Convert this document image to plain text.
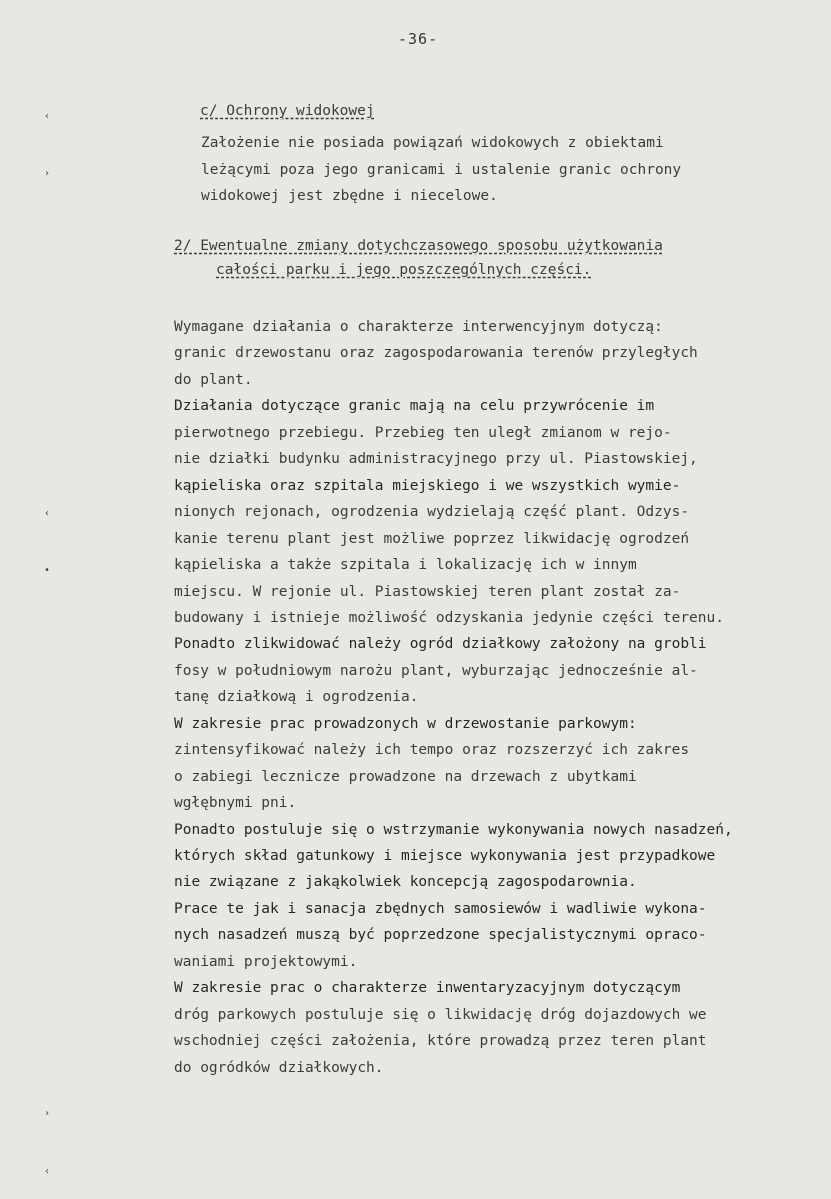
-36-
‹
›
‹
•
›
‹
c/ Ochrony widokowej
Założenie nie posiada powiązań widokowych z obiektami
leżącymi poza jego granicami i ustalenie granic ochrony
widokowej jest zbędne i niecelowe.
2/ Ewentualne zmiany dotychczasowego sposobu użytkowania
całości parku i jego poszczególnych części.
Wymagane działania o charakterze interwencyjnym dotyczą:
granic drzewostanu oraz zagospodarowania terenów przyległych
do plant.
Działania dotyczące granic mają na celu przywrócenie im
pierwotnego przebiegu. Przebieg ten uległ zmianom w rejo-
nie działki budynku administracyjnego przy ul. Piastowskiej,
kąpieliska oraz szpitala miejskiego i we wszystkich wymie-
nionych rejonach, ogrodzenia wydzielają część plant. Odzys-
kanie terenu plant jest możliwe poprzez likwidację ogrodzeń
kąpieliska a także szpitala i lokalizację ich w innym
miejscu. W rejonie ul. Piastowskiej teren plant został za-
budowany i istnieje możliwość odzyskania jedynie części terenu.
Ponadto zlikwidować należy ogród działkowy założony na grobli
fosy w południowym narożu plant, wyburzając jednocześnie al-
tanę działkową i ogrodzenia.
W zakresie prac prowadzonych w drzewostanie parkowym:
zintensyfikować należy ich tempo oraz rozszerzyć ich zakres
o zabiegi lecznicze prowadzone na drzewach z ubytkami
wgłębnymi pni.
Ponadto postuluje się o wstrzymanie wykonywania nowych nasadzeń,
których skład gatunkowy i miejsce wykonywania jest przypadkowe
nie związane z jakąkolwiek koncepcją zagospodarownia.
Prace te jak i sanacja zbędnych samosiewów i wadliwie wykona-
nych nasadzeń muszą być poprzedzone specjalistycznymi opraco-
waniami projektowymi.
W zakresie prac o charakterze inwentaryzacyjnym dotyczącym
dróg parkowych postuluje się o likwidację dróg dojazdowych we
wschodniej części założenia, które prowadzą przez teren plant
do ogródków działkowych.
